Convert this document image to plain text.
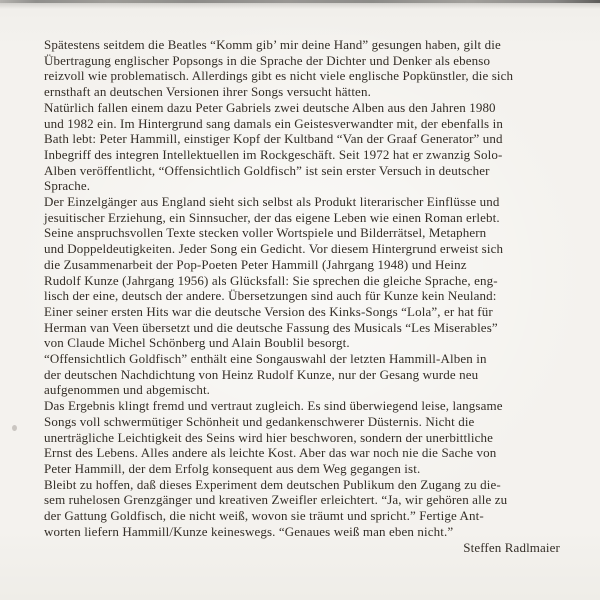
Spätestens seitdem die Beatles “Komm gib’ mir deine Hand” gesungen haben, gilt die
Übertragung englischer Popsongs in die Sprache der Dichter und Denker als ebenso
reizvoll wie problematisch. Allerdings gibt es nicht viele englische Popkünstler, die sich
ernsthaft an deutschen Versionen ihrer Songs versucht hätten.
Natürlich fallen einem dazu Peter Gabriels zwei deutsche Alben aus den Jahren 1980
und 1982 ein. Im Hintergrund sang damals ein Geistesverwandter mit, der ebenfalls in
Bath lebt: Peter Hammill, einstiger Kopf der Kultband “Van der Graaf Generator” und
Inbegriff des integren Intellektuellen im Rockgeschäft. Seit 1972 hat er zwanzig Solo-
Alben veröffentlicht, “Offensichtlich Goldfisch” ist sein erster Versuch in deutscher
Sprache.
Der Einzelgänger aus England sieht sich selbst als Produkt literarischer Einflüsse und
jesuitischer Erziehung, ein Sinnsucher, der das eigene Leben wie einen Roman erlebt.
Seine anspruchsvollen Texte stecken voller Wortspiele und Bilderrätsel, Metaphern
und Doppeldeutigkeiten. Jeder Song ein Gedicht. Vor diesem Hintergrund erweist sich
die Zusammenarbeit der Pop-Poeten Peter Hammill (Jahrgang 1948) und Heinz
Rudolf Kunze (Jahrgang 1956) als Glücksfall: Sie sprechen die gleiche Sprache, eng-
lisch der eine, deutsch der andere. Übersetzungen sind auch für Kunze kein Neuland:
Einer seiner ersten Hits war die deutsche Version des Kinks-Songs “Lola”, er hat für
Herman van Veen übersetzt und die deutsche Fassung des Musicals “Les Miserables”
von Claude Michel Schönberg und Alain Boublil besorgt.
“Offensichtlich Goldfisch” enthält eine Songauswahl der letzten Hammill-Alben in
der deutschen Nachdichtung von Heinz Rudolf Kunze, nur der Gesang wurde neu
aufgenommen und abgemischt.
Das Ergebnis klingt fremd und vertraut zugleich. Es sind überwiegend leise, langsame
Songs voll schwermütiger Schönheit und gedankenschwerer Düsternis. Nicht die
unerträgliche Leichtigkeit des Seins wird hier beschworen, sondern der unerbittliche
Ernst des Lebens. Alles andere als leichte Kost. Aber das war noch nie die Sache von
Peter Hammill, der dem Erfolg konsequent aus dem Weg gegangen ist.
Bleibt zu hoffen, daß dieses Experiment dem deutschen Publikum den Zugang zu die-
sem ruhelosen Grenzgänger und kreativen Zweifler erleichtert. “Ja, wir gehören alle zu
der Gattung Goldfisch, die nicht weiß, wovon sie träumt und spricht.” Fertige Ant-
worten liefern Hammill/Kunze keineswegs. “Genaues weiß man eben nicht.”
Steffen Radlmaier
